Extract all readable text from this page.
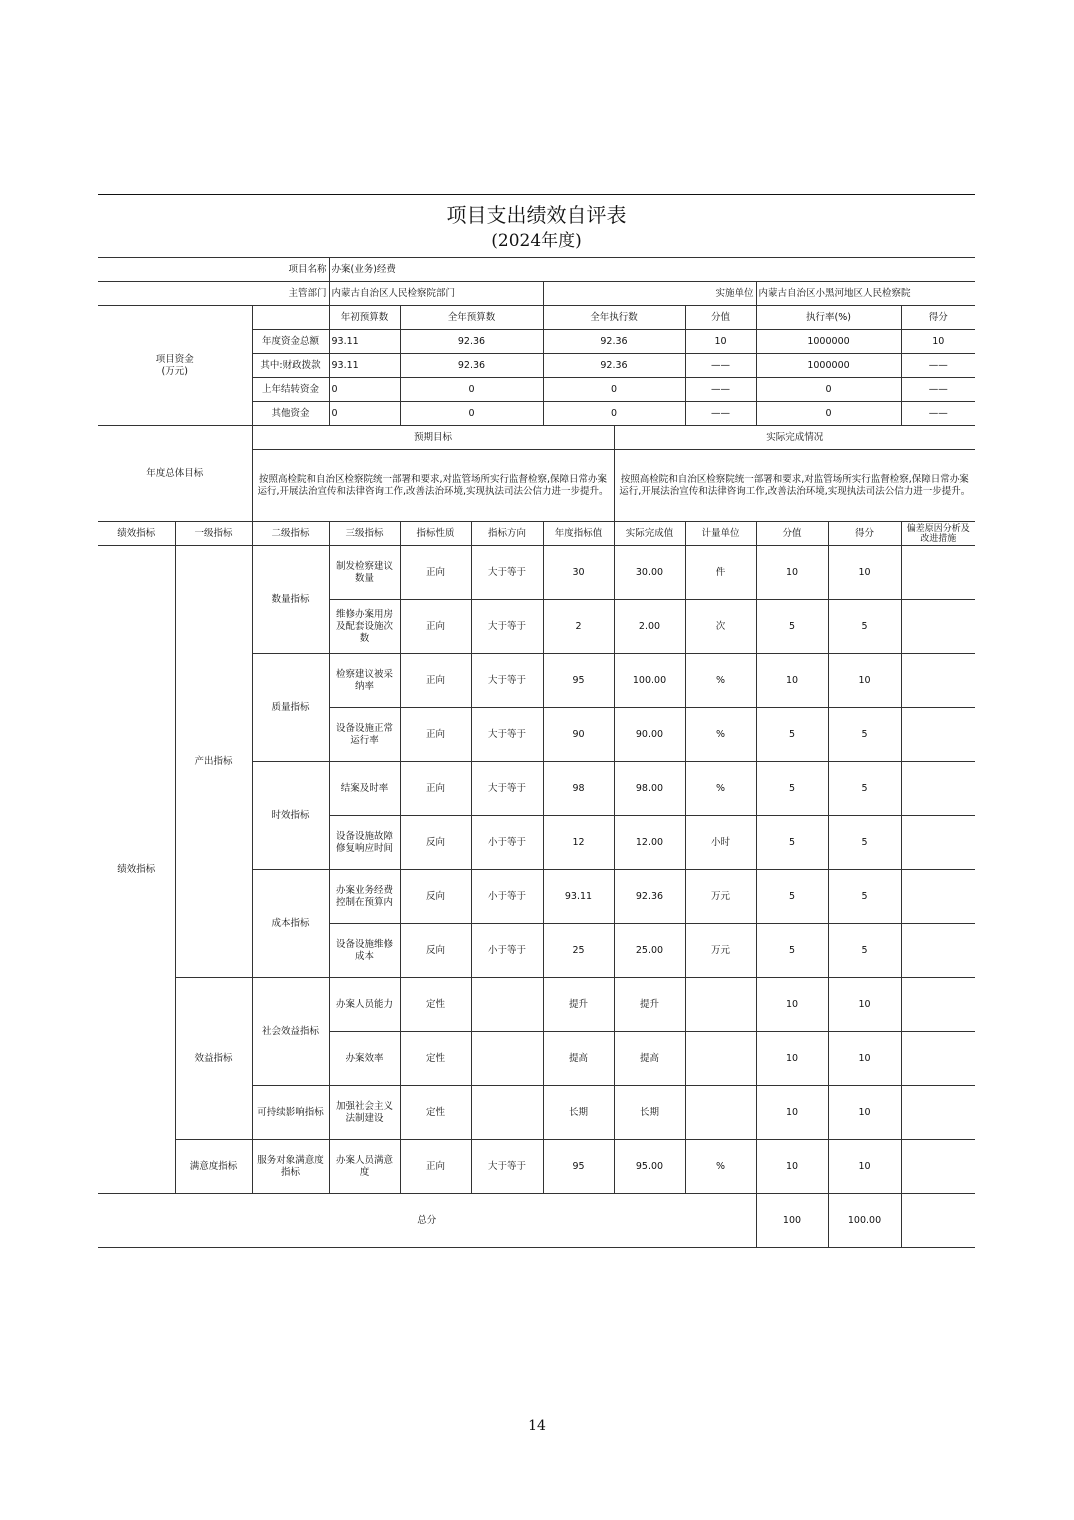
项目支出绩效自评表
(2024年度)											

项目名称			办案(业务)经费								
主管部门			内蒙古自治区人民检察院部门			实施单位			内蒙古自治区小黑河地区人民检察院		
项目资金
(万元)			年初预算数	全年预算数		全年执行数		分值	执行率(%)		得分
		年度资金总额	93.11	92.36		92.36		10	1000000		10
		其中:财政拨款	93.11	92.36		92.36		——	1000000		——
		上年结转资金	0	0		0		——	0		——
		其他资金	0	0		0		——	0		——
年度总体目标		预期目标					实际完成情况				
		按照高检院和自治区检察院统一部署和要求,对监管场所实行监督检察,保障日常办案运行,开展法治宣传和法律咨询工作,改善法治环境,实现执法司法公信力进一步提升。					按照高检院和自治区检察院统一部署和要求,对监管场所实行监督检察,保障日常办案运行,开展法治宣传和法律咨询工作,改善法治环境,实现执法司法公信力进一步提升。				
绩效指标	一级指标	二级指标	三级指标	指标性质	指标方向	年度指标值	实际完成值	计量单位	分值	得分	偏差原因分析及改进措施
绩效指标	产出指标	数量指标	制发检察建议数量	正向	大于等于	30	30.00	件	10	10	
			维修办案用房及配套设施次数	正向	大于等于	2	2.00	次	5	5	
		质量指标	检察建议被采纳率	正向	大于等于	95	100.00	%	10	10	
			设备设施正常运行率	正向	大于等于	90	90.00	%	5	5	
		时效指标	结案及时率	正向	大于等于	98	98.00	%	5	5	
			设备设施故障修复响应时间	反向	小于等于	12	12.00	小时	5	5	
		成本指标	办案业务经费控制在预算内	反向	小于等于	93.11	92.36	万元	5	5	
			设备设施维修成本	反向	小于等于	25	25.00	万元	5	5	
	效益指标	社会效益指标	办案人员能力	定性		提升	提升		10	10	
			办案效率	定性		提高	提高		10	10	
		可持续影响指标	加强社会主义法制建设	定性		长期	长期		10	10	
	满意度指标	服务对象满意度指标	办案人员满意度	正向	大于等于	95	95.00	%	10	10	
总分									100	100.00	
14
